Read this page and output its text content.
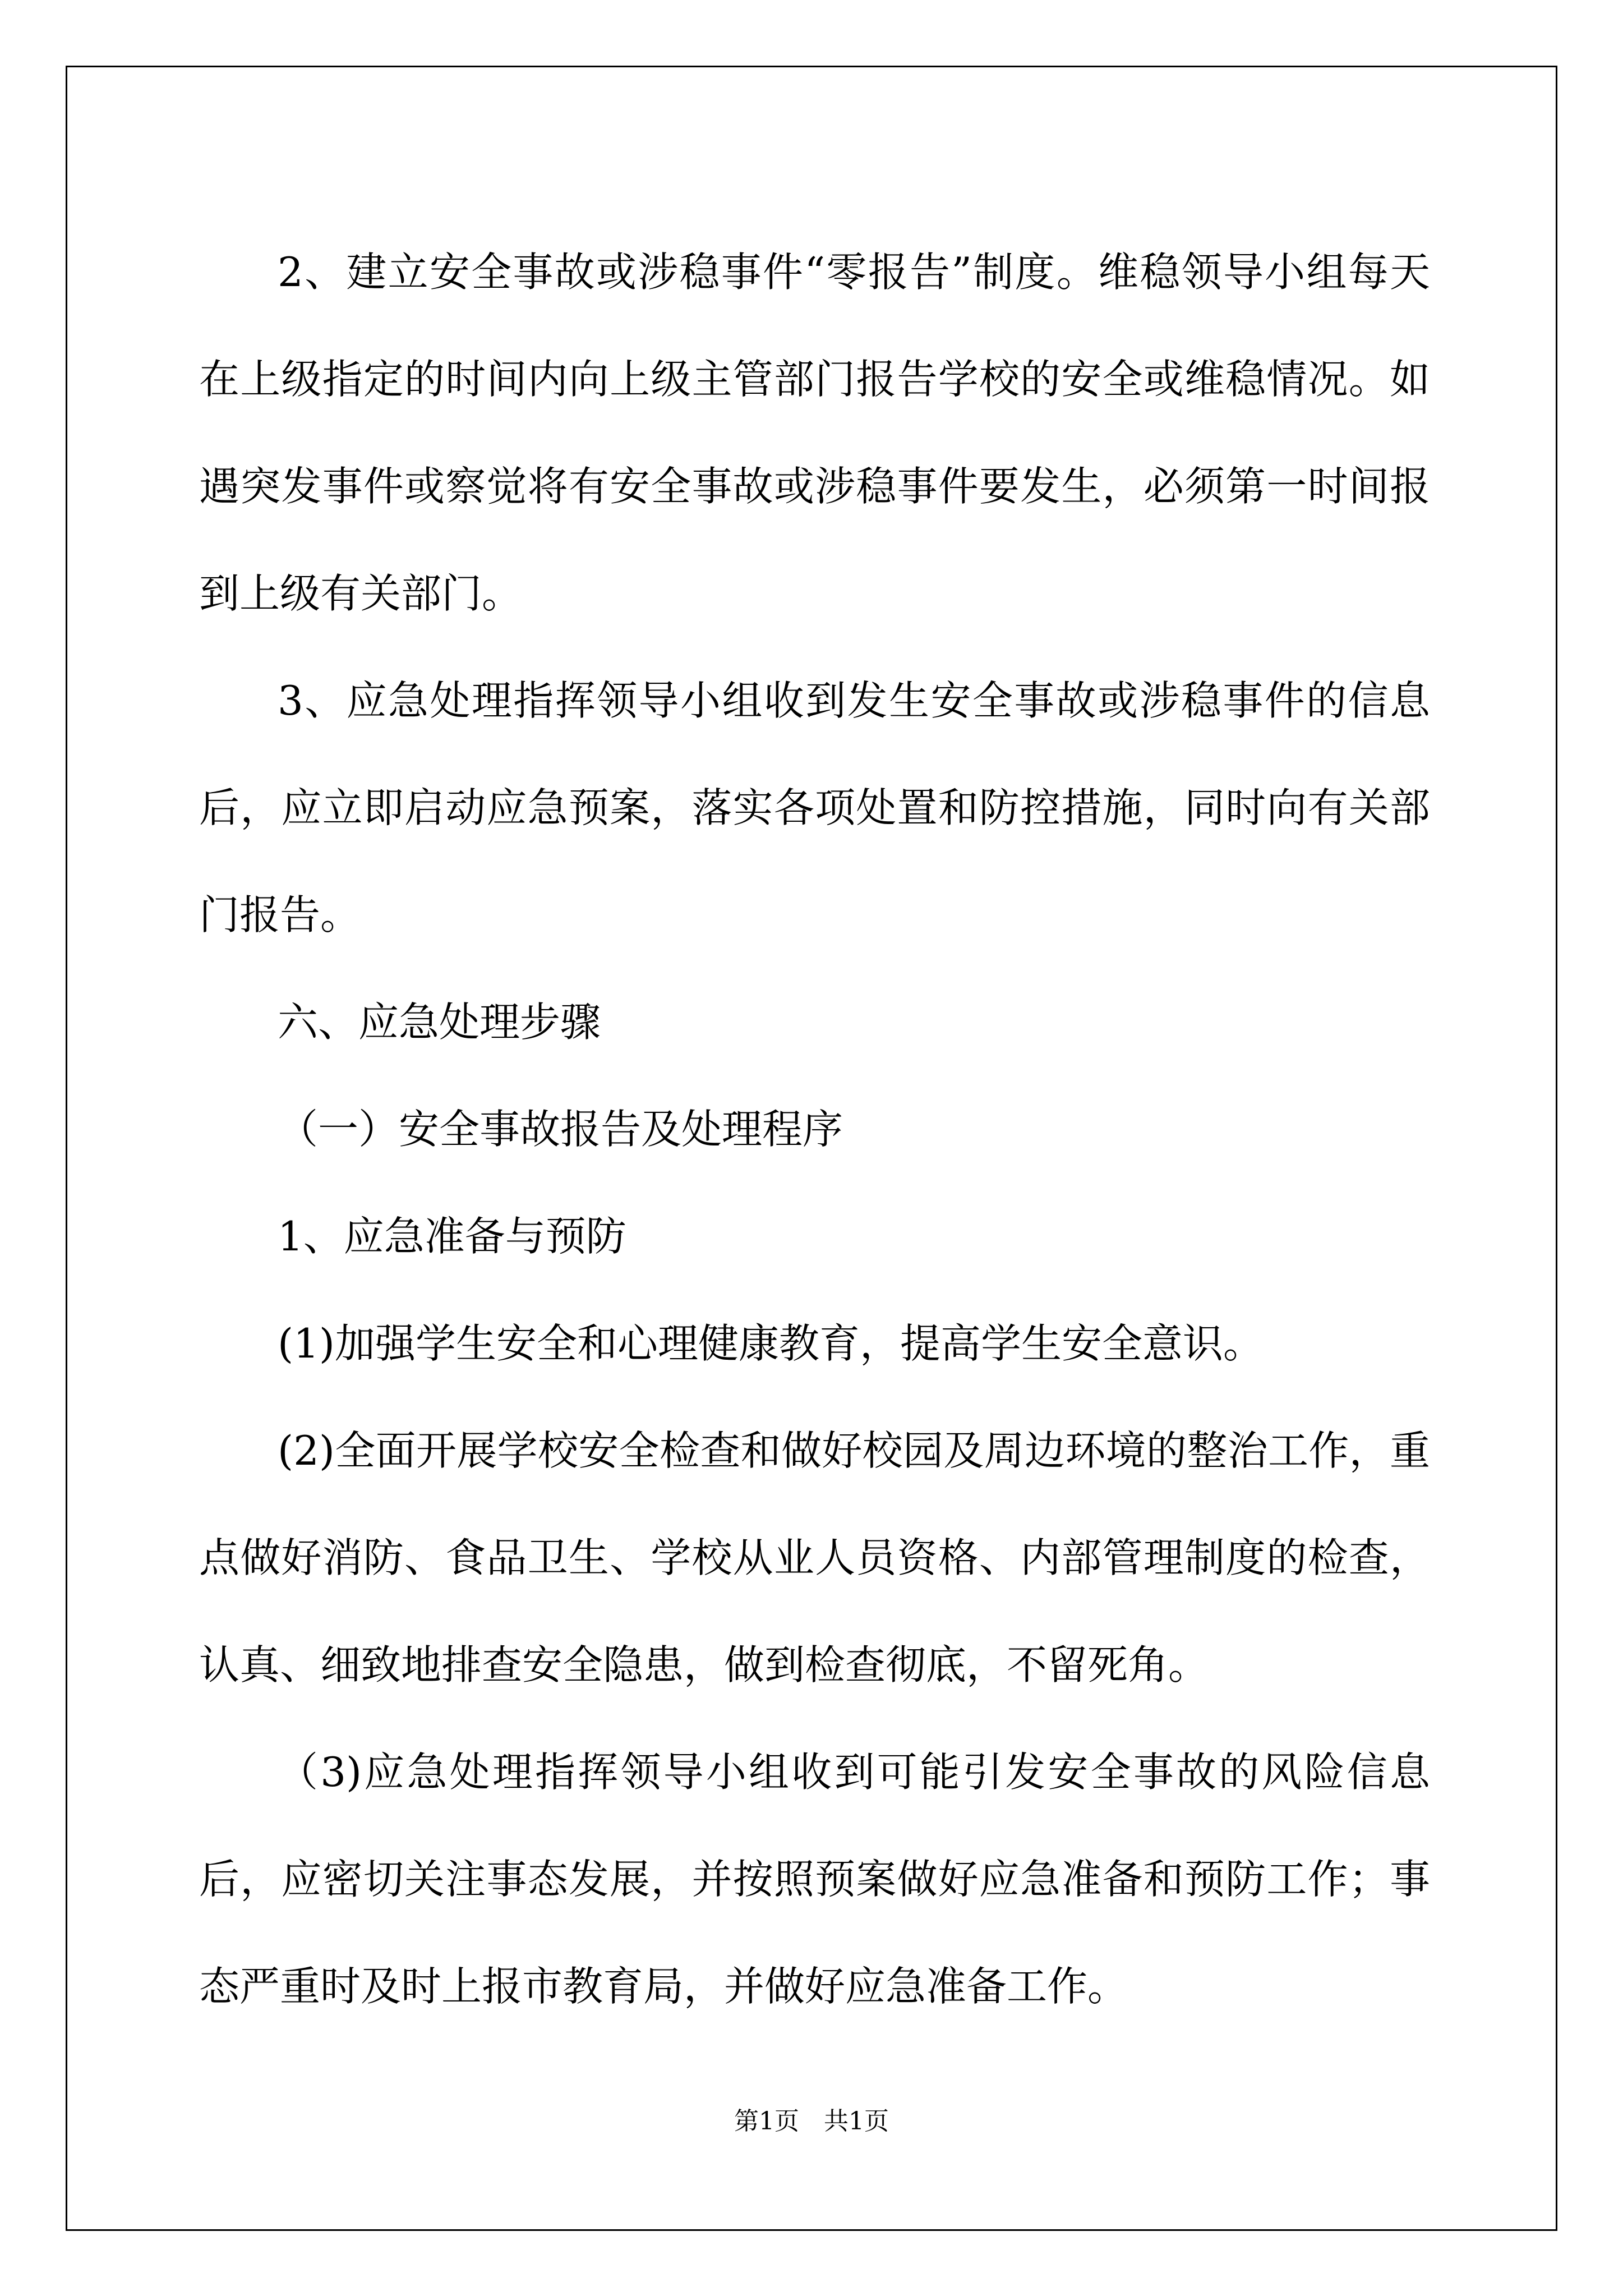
2、建立安全事故或涉稳事件“零报告”制度。维稳领导小组每天在上级指定的时间内向上级主管部门报告学校的安全或维稳情况。如遇突发事件或察觉将有安全事故或涉稳事件要发生，必须第一时间报到上级有关部门。

3、应急处理指挥领导小组收到发生安全事故或涉稳事件的信息后，应立即启动应急预案，落实各项处置和防控措施，同时向有关部门报告。

六、应急处理步骤

（一）安全事故报告及处理程序

1、应急准备与预防

(1)加强学生安全和心理健康教育，提高学生安全意识。

(2)全面开展学校安全检查和做好校园及周边环境的整治工作，重点做好消防、食品卫生、学校从业人员资格、内部管理制度的检查，认真、细致地排查安全隐患，做到检查彻底，不留死角。

（3)应急处理指挥领导小组收到可能引发安全事故的风险信息后，应密切关注事态发展，并按照预案做好应急准备和预防工作；事态严重时及时上报市教育局，并做好应急准备工作。

第1页 共1页
